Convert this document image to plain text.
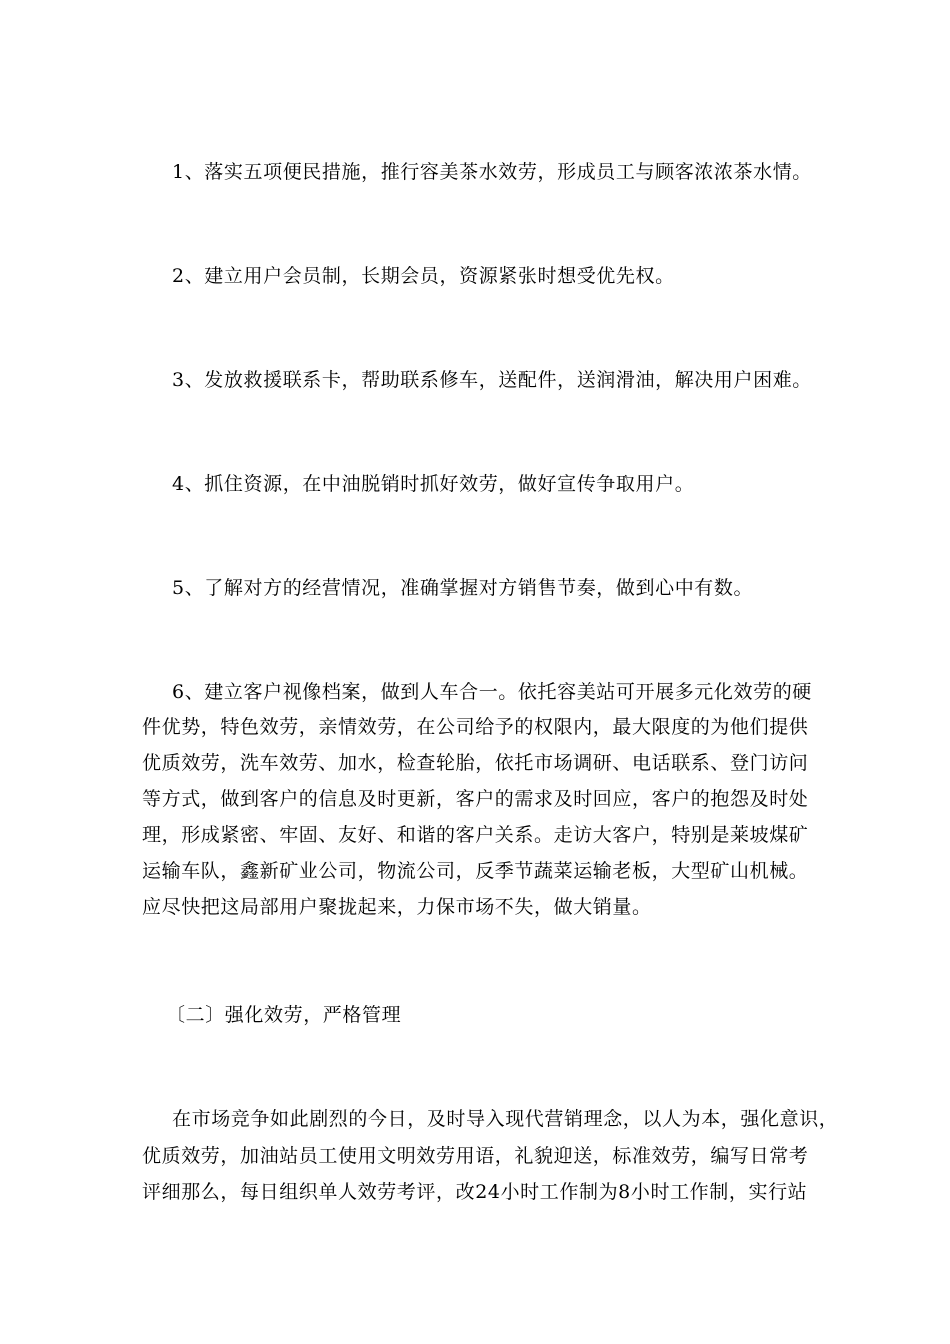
1、落实五项便民措施，推行容美茶水效劳，形成员工与顾客浓浓茶水情。

2、建立用户会员制，长期会员，资源紧张时想受优先权。

3、发放救援联系卡，帮助联系修车，送配件，送润滑油，解决用户困难。

4、抓住资源，在中油脱销时抓好效劳，做好宣传争取用户。

5、了解对方的经营情况，准确掌握对方销售节奏，做到心中有数。

6、建立客户视像档案，做到人车合一。依托容美站可开展多元化效劳的硬

件优势，特色效劳，亲情效劳，在公司给予的权限内，最大限度的为他们提供

优质效劳，洗车效劳、加水，检查轮胎，依托市场调研、电话联系、登门访问

等方式，做到客户的信息及时更新，客户的需求及时回应，客户的抱怨及时处

理，形成紧密、牢固、友好、和谐的客户关系。走访大客户，特别是莱坡煤矿

运输车队，鑫新矿业公司，物流公司，反季节蔬菜运输老板，大型矿山机械。

应尽快把这局部用户聚拢起来，力保市场不失，做大销量。

〔二〕强化效劳，严格管理

在市场竞争如此剧烈的今日，及时导入现代营销理念，以人为本，强化意识，

优质效劳，加油站员工使用文明效劳用语，礼貌迎送，标准效劳，编写日常考

评细那么，每日组织单人效劳考评，改24小时工作制为8小时工作制，实行站
